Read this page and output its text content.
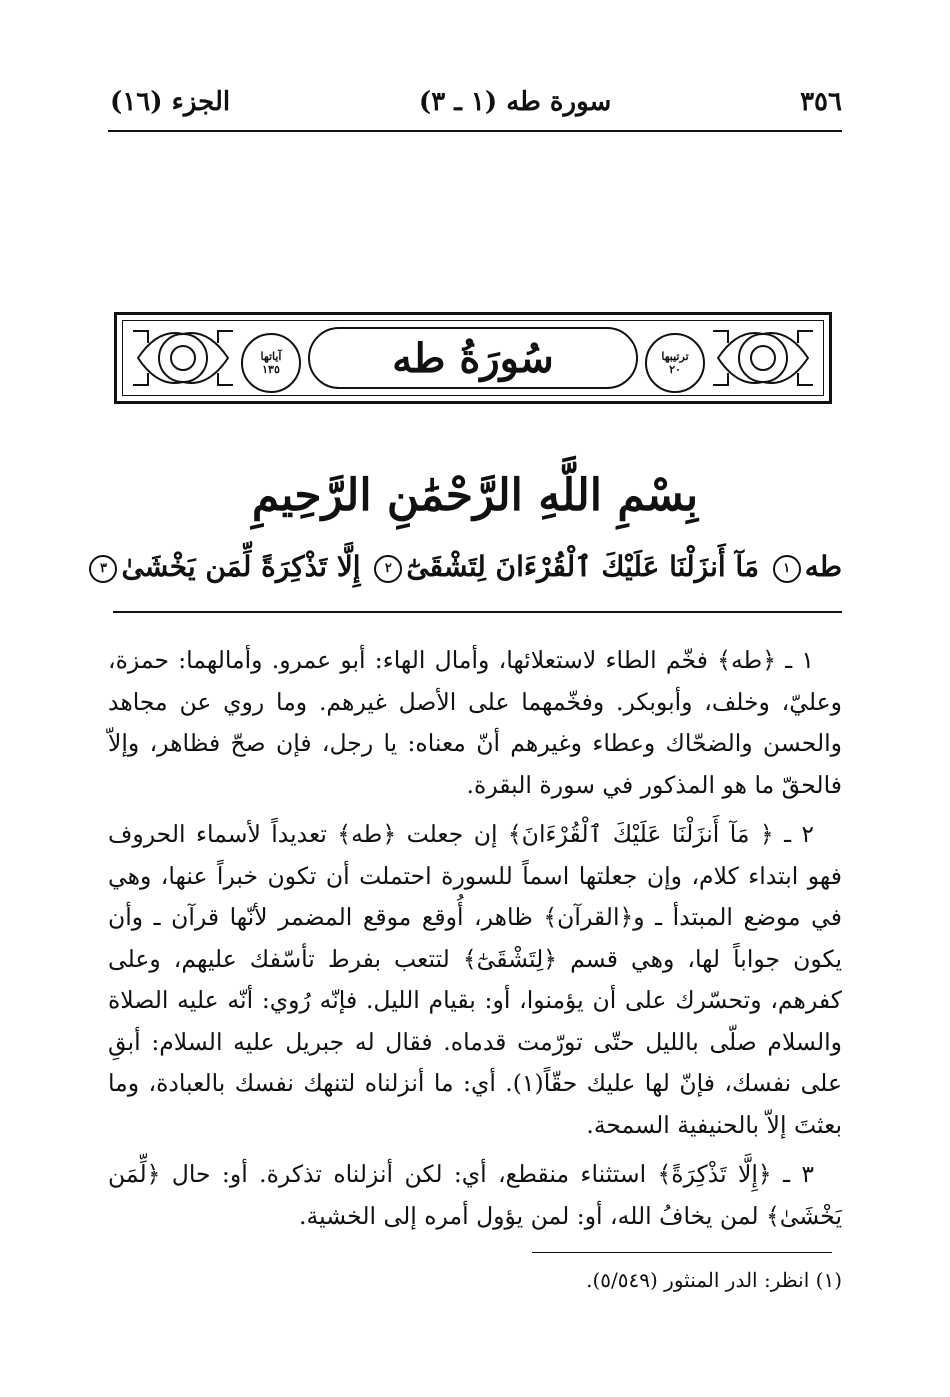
٣٥٦
سورة طه (١ ـ ٣)
الجزء (١٦)
آياتها
١٣٥
ترتيبها
٢٠
سُورَةُ طه
بِسْمِ اللَّهِ الرَّحْمَٰنِ الرَّحِيمِ
طه١ مَآ أَنزَلْنَا عَلَيْكَ ٱلْقُرْءَانَ لِتَشْقَىٰٓ٢ إِلَّا تَذْكِرَةً لِّمَن يَخْشَىٰ٣

١ ـ ﴿طه﴾ فخّم الطاء لاستعلائها، وأمال الهاء: أبو عمرو. وأمالهما: حمزة، وعليّ، وخلف، وأبوبكر. وفخّمهما على الأصل غيرهم. وما روي عن مجاهد والحسن والضحّاك وعطاء وغيرهم أنّ معناه: يا رجل، فإن صحّ فظاهر، وإلاّ فالحقّ ما هو المذكور في سورة البقرة.

٢ ـ ﴿ مَآ أَنزَلْنَا عَلَيْكَ ٱلْقُرْءَانَ﴾ إن جعلت ﴿طه﴾ تعديداً لأسماء الحروف فهو ابتداء كلام، وإن جعلتها اسماً للسورة احتملت أن تكون خبراً عنها، وهي في موضع المبتدأ ـ و﴿القرآن﴾ ظاهر، أُوقع موقع المضمر لأنّها قرآن ـ وأن يكون جواباً لها، وهي قسم ﴿لِتَشْقَىٰٓ﴾ لتتعب بفرط تأسّفك عليهم، وعلى كفرهم، وتحسّرك على أن يؤمنوا، أو: بقيام الليل. فإنّه رُوي: أنّه عليه الصلاة والسلام صلّى بالليل حتّى تورّمت قدماه. فقال له جبريل عليه السلام: أبقِ على نفسك، فإنّ لها عليك حقّاً(١). أي: ما أنزلناه لتنهك نفسك بالعبادة، وما بعثتَ إلاّ بالحنيفية السمحة.

٣ ـ ﴿إِلَّا تَذْكِرَةً﴾ استثناء منقطع، أي: لكن أنزلناه تذكرة. أو: حال ﴿لِّمَن يَخْشَىٰ﴾ لمن يخافُ الله، أو: لمن يؤول أمره إلى الخشية.

(١) انظر: الدر المنثور (٥/٥٤٩).
